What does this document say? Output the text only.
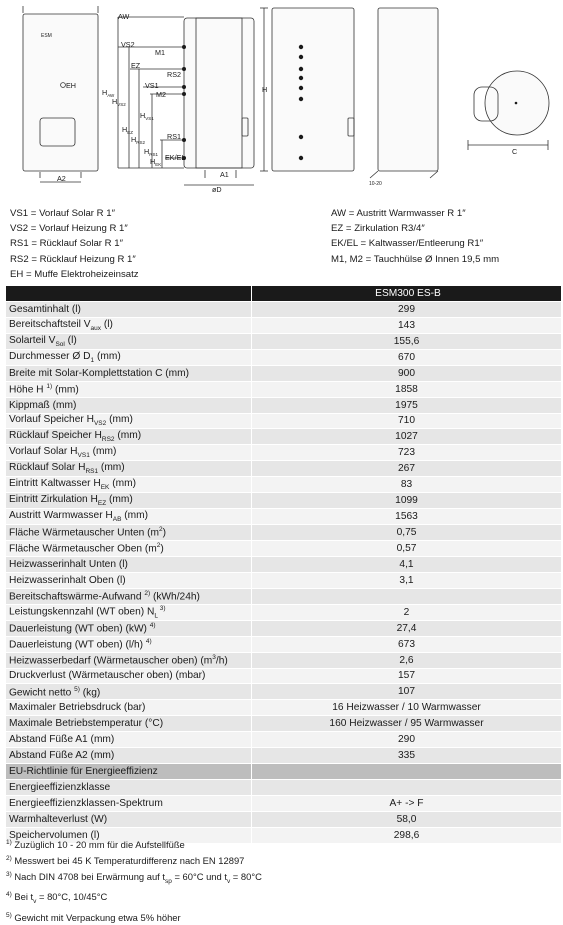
ESM
EH
A2
AW
VS2
M1
EZ
RS2
VS1
M2
RS1
EK/EL
$H_{AW}$
$H_{VS2}$
$H_{EZ}$
$H_{VS1}$
$H_{RS2}$
$H_{RS1}$
$H_{EK}$
A1
øD
H
10-20
C
VS1 = Vorlauf Solar R 1″
VS2 = Vorlauf Heizung R 1″
RS1 = Rücklauf Solar R 1″
RS2 = Rücklauf Heizung R 1″
EH = Muffe Elektroheizeinsatz
AW = Austritt Warmwasser R 1″
EZ = Zirkulation R3/4″
EK/EL = Kaltwasser/Entleerung R1″
M1, M2 = Tauchhülse Ø Innen 19,5 mm
	ESM300 ES-B
Gesamtinhalt (l)	299
Bereitschaftsteil $V_{aux}$ (l)	143
Solarteil $V_{Sol}$ (l)	155,6
Durchmesser Ø $D_1$ (mm)	670
Breite mit Solar-Komplettstation C (mm)	900
Höhe H $^{1)}$ (mm)	1858
Kippmaß (mm)	1975
Vorlauf Speicher $H_{VS2}$ (mm)	710
Rücklauf Speicher $H_{RS2}$ (mm)	1027
Vorlauf Solar $H_{VS1}$ (mm)	723
Rücklauf Solar $H_{RS1}$ (mm)	267
Eintritt Kaltwasser $H_{EK}$ (mm)	83
Eintritt Zirkulation $H_{EZ}$ (mm)	1099
Austritt Warmwasser $H_{AB}$ (mm)	1563
Fläche Wärmetauscher Unten $(m^2)$	0,75
Fläche Wärmetauscher Oben $(m^2)$	0,57
Heizwasserinhalt Unten (l)	4,1
Heizwasserinhalt Oben (l)	3,1
Bereitschaftswärme-Aufwand $^{2)}$ (kWh/24h)	
Leistungskennzahl (WT oben) $N_L$ $^{3)}$	2
Dauerleistung (WT oben) (kW) $^{4)}$	27,4
Dauerleistung (WT oben) (l/h) $^{4)}$	673
Heizwasserbedarf (Wärmetauscher oben) $(m^3/h)$	2,6
Druckverlust (Wärmetauscher oben) (mbar)	157
Gewicht netto $^{5)}$ (kg)	107
Maximaler Betriebsdruck (bar)	16 Heizwasser / 10 Warmwasser
Maximale Betriebstemperatur (°C)	160 Heizwasser / 95 Warmwasser
Abstand Füße A1 (mm)	290
Abstand Füße A2 (mm)	335
EU-Richtlinie für Energieeffizienz	
Energieeffizienzklasse	
Energieeffizienzklassen-Spektrum	A+ -> F
Warmhalteverlust (W)	58,0
Speichervolumen (l)	298,6
$^{1)}$ Zuzüglich 10 - 20 mm für die Aufstellfüße
$^{2)}$ Messwert bei 45 K Temperaturdifferenz nach EN 12897
$^{3)}$ Nach DIN 4708 bei Erwärmung auf $t_{sp} = 60^\circ C$ und $t_v = 80^\circ C$
$^{4)}$ Bei $t_v = 80^\circ C$, 10/45°C
$^{5)}$ Gewicht mit Verpackung etwa 5% höher
